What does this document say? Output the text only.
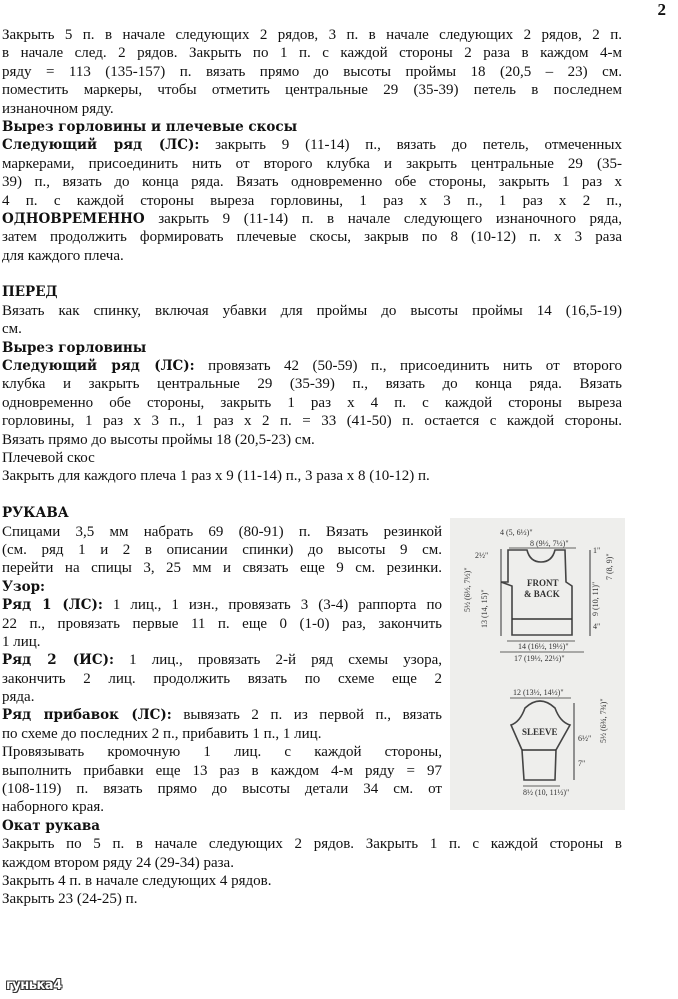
2
Закрыть 5 п. в начале следующих 2 рядов, 3 п. в начале следующих 2 рядов, 2 п.
в начале след. 2 рядов. Закрыть по 1 п. с каждой стороны 2 раза в каждом 4-м
ряду = 113 (135-157) п. вязать прямо до высоты проймы 18 (20,5 – 23) см.
поместить маркеры, чтобы отметить центральные 29 (35-39) петель в последнем
изнаночном ряду.
Вырез горловины и плечевые скосы
Следующий ряд (ЛС): закрыть 9 (11-14) п., вязать до петель, отмеченных
маркерами, присоединить нить от второго клубка и закрыть центральные 29 (35-
39) п., вязать до конца ряда. Вязать одновременно обе стороны, закрыть 1 раз х
4 п. с каждой стороны выреза горловины, 1 раз х 3 п., 1 раз х 2 п.,
ОДНОВРЕМЕННО закрыть 9 (11-14) п. в начале следующего изнаночного ряда,
затем продолжить формировать плечевые скосы, закрыв по 8 (10-12) п. х 3 раза
для каждого плеча.
ПЕРЕД
Вязать как спинку, включая убавки для проймы до высоты проймы 14 (16,5-19)
см.
Вырез горловины
Следующий ряд (ЛС): провязать 42 (50-59) п., присоединить нить от второго
клубка и закрыть центральные 29 (35-39) п., вязать до конца ряда. Вязать
одновременно обе стороны, закрыть 1 раз х 4 п. с каждой стороны выреза
горловины, 1 раз х 3 п., 1 раз х 2 п. = 33 (41-50) п. остается с каждой стороны.
Вязать прямо до высоты проймы 18 (20,5-23) см.
Плечевой скос
Закрыть для каждого плеча 1 раз х 9 (11-14) п., 3 раза х 8 (10-12) п.
РУКАВА
Спицами 3,5 мм набрать 69 (80-91) п. Вязать резинкой
(см. ряд 1 и 2 в описании спинки) до высоты 9 см.
перейти на спицы 3, 25 мм и связать еще 9 см. резинки.
Узор:
Ряд 1 (ЛС): 1 лиц., 1 изн., провязать 3 (3-4) раппорта по
22 п., провязать первые 11 п. еще 0 (1-0) раз, закончить
1 лиц.
Ряд 2 (ИС): 1 лиц., провязать 2-й ряд схемы узора,
закончить 2 лиц. продолжить вязать по схеме еще 2
ряда.
Ряд прибавок (ЛС): вывязать 2 п. из первой п., вязать
по схеме до последних 2 п., прибавить 1 п., 1 лиц.
Провязывать кромочную 1 лиц. с каждой стороны,
выполнить прибавки еще 13 раз в каждом 4-м ряду = 97
(108-119) п. вязать прямо до высоты детали 34 см. от
наборного края.
Окат рукава
Закрыть по 5 п. в начале следующих 2 рядов. Закрыть 1 п. с каждой стороны в
каждом втором ряду 24 (29-34) раза.
Закрыть 4 п. в начале следующих 4 рядов.
Закрыть 23 (24-25) п.
4 (5, 6½)"
8 (9½, 7½)"
2½"
5½ (6½, 7½)" 13 (14, 15)"
1"
7 (8, 9)"
9 (10, 11)"
4"
14 (16½, 19½)"
17 (19½, 22½)"
FRONT
& BACK
12 (13½, 14½)"
5½ (6¾, 7¾)"
6½"
7"
8½ (10, 11½)"
SLEEVE
гунька4
